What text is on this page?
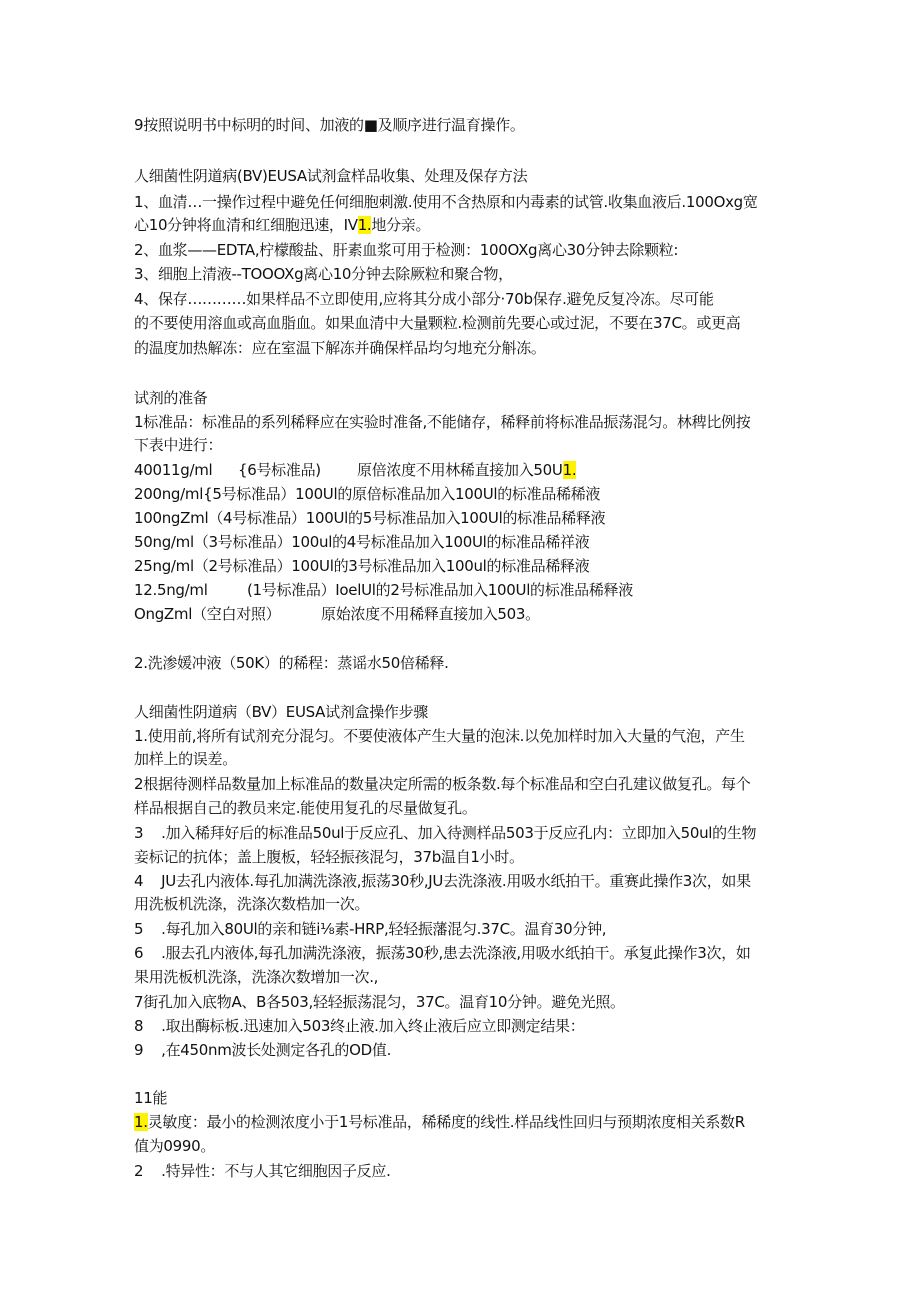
9按照说明书中标明的时间、加液的■及顺序进行温育操作。
人细菌性阴道病(BV)EUSA试剂盒样品收集、处理及保存方法
1、血清…一操作过程中避免任何细胞刺激.使用不含热原和内毒素的试管.收集血液后.100Oxg宽
心10分钟将血清和红细胞迅速，IV1.地分亲。
2、血浆——EDTA,柠檬酸盐、肝素血浆可用于检测：100OXg离心30分钟去除颗粒:
3、细胞上清液--TOOOXg离心10分钟去除厥粒和聚合物，
4、保存…………如果样品不立即使用,应将其分成小部分·70b保存.避免反复冷冻。尽可能
的不要使用溶血或高血脂血。如果血清中大量颗粒.检测前先要心或过泥，不要在37C。或更高
的温度加热解冻：应在室温下解冻并确保样品均匀地充分斛冻。
试剂的准备
1标准品：标准品的系列稀释应在实验时准备,不能储存，稀释前将标准品振荡混匀。林稗比例按
下表中进行：
40011g/ml {6号标准品) 原倍浓度不用林稀直接加入50U1.
200ng/ml{5号标准品）100Ul的原倍标准品加入100Ul的标准品稀稀液
100ngZml（4号标准品）100Ul的5号标准品加入100Ul的标准品稀释液
50ng/ml（3号标准品）100ul的4号标准品加入100Ul的标准品稀祥液
25ng/ml（2号标准品）100Ul的3号标准品加入100ul的标准品稀释液
12.5ng/ml	(1号标准品）IoelUl的2号标准品加入100Ul的标准品稀释液
OngZml（空白对照）	原始浓度不用稀释直接加入503。
2.洗渗媛冲液（50K）的稀程：蒸谣水50倍稀释.
人细菌性阴道病（BV）EUSA试剂盒操作步骤
1.使用前,将所有试剂充分混匀。不要使液体产生大量的泡沫.以免加样时加入大量的气泡，产生
加样上的误差。
2根据待测样品数量加上标准品的数量决定所需的板条数.每个标准品和空白孔建议做复孔。每个
样品根据自己的教员来定.能使用复孔的尽量做复孔。
3    .加入稀拜好后的标准品50ul于反应孔、加入待测样品503于反应孔内：立即加入50ul的生物
妾标记的抗体；盖上腹板，轻轻振孩混匀，37b温自1小时。
4    JU去孔内液体.每孔加满洗涤液,振荡30秒,JU去洗涤液.用吸水纸拍干。重赛此操作3次，如果
用洗板机洗涤，洗涤次数梏加一次。
5    .每孔加入80Ul的亲和链i⅛素-HRP,轻轻振藩混匀.37C。温育30分钟,
6    .服去孔内液体,每孔加满洗涤液，振荡30秒,患去洗涤液,用吸水纸拍干。承复此操作3次，如
果用洗板机洗涤，洗涤次数增加一次.,
7街孔加入底物A、B各503,轻轻振荡混匀，37C。温育10分钟。避免光照。
8    .取出酶标板.迅速加入503终止液.加入终止液后应立即测定结果：
9    ,在450nm波长处测定各孔的OD值.
11能
1.灵敏度：最小的检测浓度小于1号标准品，稀稀度的线性.样品线性回归与预期浓度相关系数R
值为0990。
2    .特异性：不与人其它细胞因子反应.
